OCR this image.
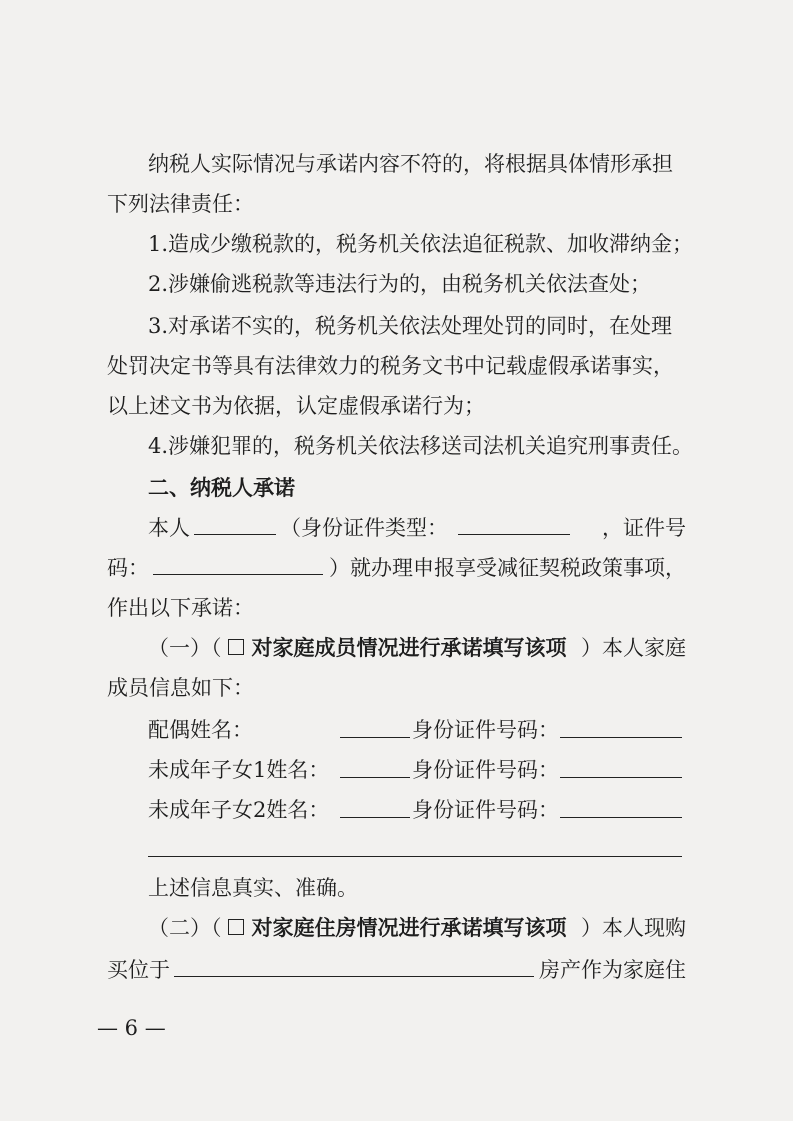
纳税人实际情况与承诺内容不符的，将根据具体情形承担
下列法律责任：
1.造成少缴税款的，税务机关依法追征税款、加收滞纳金；
2.涉嫌偷逃税款等违法行为的，由税务机关依法查处；
3.对承诺不实的，税务机关依法处理处罚的同时，在处理
处罚决定书等具有法律效力的税务文书中记载虚假承诺事实，
以上述文书为依据，认定虚假承诺行为；
4.涉嫌犯罪的，税务机关依法移送司法机关追究刑事责任。
二、纳税人承诺
本人	（身份证件类型：	，证件号
码：	）就办理申报享受减征契税政策事项，
作出以下承诺：
（一）（ 对家庭成员情况进行承诺填写该项 ）本人家庭
成员信息如下：
配偶姓名：	身份证件号码：
未成年子女1姓名：	身份证件号码：
未成年子女2姓名：	身份证件号码：
上述信息真实、准确。
（二）（ 对家庭住房情况进行承诺填写该项 ）本人现购
买位于	房产作为家庭住
— 6 —
